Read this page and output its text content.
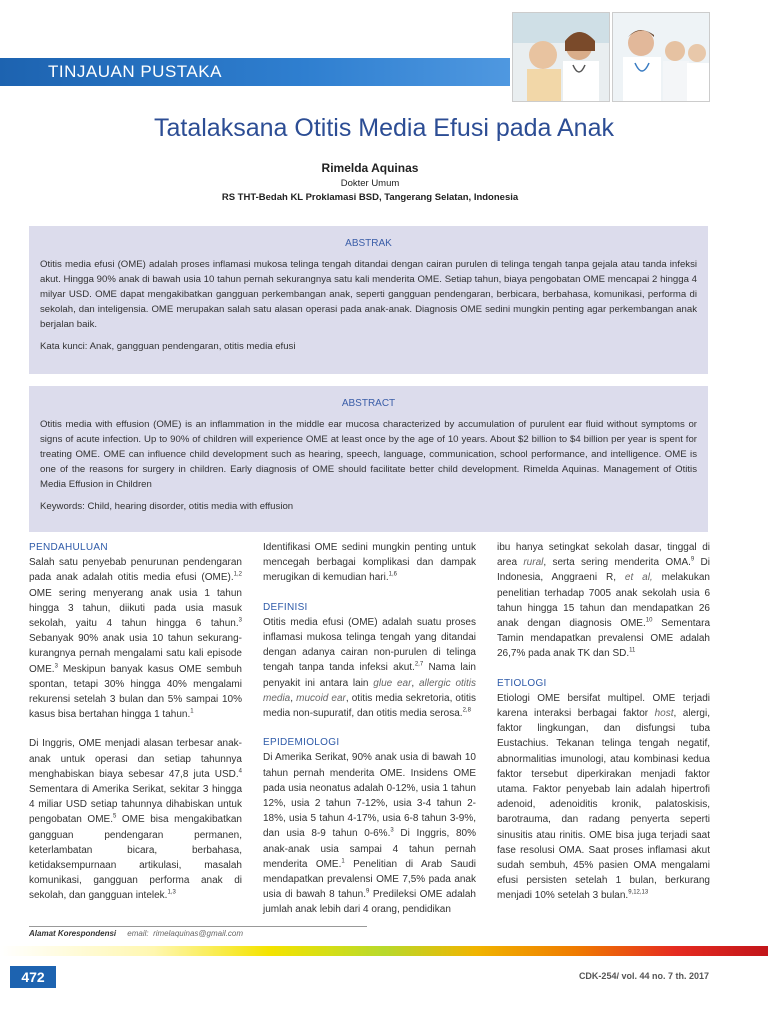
TINJAUAN PUSTAKA
Tatalaksana Otitis Media Efusi pada Anak
Rimelda Aquinas
Dokter Umum
RS THT-Bedah KL Proklamasi BSD, Tangerang Selatan, Indonesia
ABSTRAK

Otitis media efusi (OME) adalah proses inflamasi mukosa telinga tengah ditandai dengan cairan purulen di telinga tengah tanpa gejala atau tanda infeksi akut. Hingga 90% anak di bawah usia 10 tahun pernah sekurangnya satu kali menderita OME. Setiap tahun, biaya pengobatan OME mencapai 2 hingga 4 milyar USD. OME dapat mengakibatkan gangguan perkembangan anak, seperti gangguan pendengaran, berbicara, berbahasa, komunikasi, performa di sekolah, dan inteligensia. OME merupakan salah satu alasan operasi pada anak-anak. Diagnosis OME sedini mungkin penting agar perkembangan anak berjalan baik.

Kata kunci: Anak, gangguan pendengaran, otitis media efusi

ABSTRACT

Otitis media with effusion (OME) is an inflammation in the middle ear mucosa characterized by accumulation of purulent ear fluid without symptoms or signs of acute infection. Up to 90% of children will experience OME at least once by the age of 10 years. About $2 billion to $4 billion per year is spent for treating OME. OME can influence child development such as hearing, speech, language, communication, school performance, and intelligence. OME is one of the reasons for surgery in children. Early diagnosis of OME should facilitate better child development. Rimelda Aquinas. Management of Otitis Media Effusion in Children

Keywords: Child, hearing disorder, otitis media with effusion

PENDAHULUAN

Salah satu penyebab penurunan pendengaran pada anak adalah otitis media efusi (OME).$^{1,2}$ OME sering menyerang anak usia 1 tahun hingga 3 tahun, diikuti pada usia masuk sekolah, yaitu 4 tahun hingga 6 tahun.$^3$ Sebanyak 90% anak usia 10 tahun sekurang-kurangnya pernah mengalami satu kali episode OME.$^3$ Meskipun banyak kasus OME sembuh spontan, tetapi 30% hingga 40% mengalami rekurensi setelah 3 bulan dan 5% sampai 10% kasus bisa bertahan hingga 1 tahun.$^1$

Di Inggris, OME menjadi alasan terbesar anak-anak untuk operasi dan setiap tahunnya menghabiskan biaya sebesar 47,8 juta USD.$^4$ Sementara di Amerika Serikat, sekitar 3 hingga 4 miliar USD setiap tahunnya dihabiskan untuk pengobatan OME.$^5$ OME bisa mengakibatkan gangguan pendengaran permanen, keterlambatan bicara, berbahasa, ketidaksempurnaan artikulasi, masalah komunikasi, gangguan performa anak di sekolah, dan gangguan intelek.$^{1,3}$

Identifikasi OME sedini mungkin penting untuk mencegah berbagai komplikasi dan dampak merugikan di kemudian hari.$^{1,6}$

DEFINISI

Otitis media efusi (OME) adalah suatu proses inflamasi mukosa telinga tengah yang ditandai dengan adanya cairan non-purulen di telinga tengah tanpa tanda infeksi akut.$^{2,7}$ Nama lain penyakit ini antara lain glue ear, allergic otitis media, mucoid ear, otitis media sekretoria, otitis media non-supuratif, dan otitis media serosa.$^{2,8}$

EPIDEMIOLOGI

Di Amerika Serikat, 90% anak usia di bawah 10 tahun pernah menderita OME. Insidens OME pada usia neonatus adalah 0-12%, usia 1 tahun 12%, usia 2 tahun 7-12%, usia 3-4 tahun 2-18%, usia 5 tahun 4-17%, usia 6-8 tahun 3-9%, dan usia 8-9 tahun 0-6%.$^3$ Di Inggris, 80% anak-anak usia sampai 4 tahun pernah menderita OME.$^1$ Penelitian di Arab Saudi mendapatkan prevalensi OME 7,5% pada anak usia di bawah 8 tahun.$^9$ Predileksi OME adalah jumlah anak lebih dari 4 orang, pendidikan

ibu hanya setingkat sekolah dasar, tinggal di area rural, serta sering menderita OMA.$^9$ Di Indonesia, Anggraeni R, et al, melakukan penelitian terhadap 7005 anak sekolah usia 6 tahun hingga 15 tahun dan mendapatkan 26 anak dengan diagnosis OME.$^{10}$ Sementara Tamin mendapatkan prevalensi OME adalah 26,7% pada anak TK dan SD.$^{11}$

ETIOLOGI

Etiologi OME bersifat multipel. OME terjadi karena interaksi berbagai faktor host, alergi, faktor lingkungan, dan disfungsi tuba Eustachius. Tekanan telinga tengah negatif, abnormalitias imunologi, atau kombinasi kedua faktor tersebut diperkirakan menjadi faktor utama. Faktor penyebab lain adalah hipertrofi adenoid, adenoiditis kronik, palatoskisis, barotrauma, dan radang penyerta seperti sinusitis atau rinitis. OME bisa juga terjadi saat fase resolusi OMA. Saat proses inflamasi akut sudah sembuh, 45% pasien OMA mengalami efusi persisten setelah 1 bulan, berkurang menjadi 10% setelah 3 bulan.$^{9,12,13}$

Alamat Korespondensi email: rimelaquinas@gmail.com
472	CDK-254/ vol. 44 no. 7 th. 2017
